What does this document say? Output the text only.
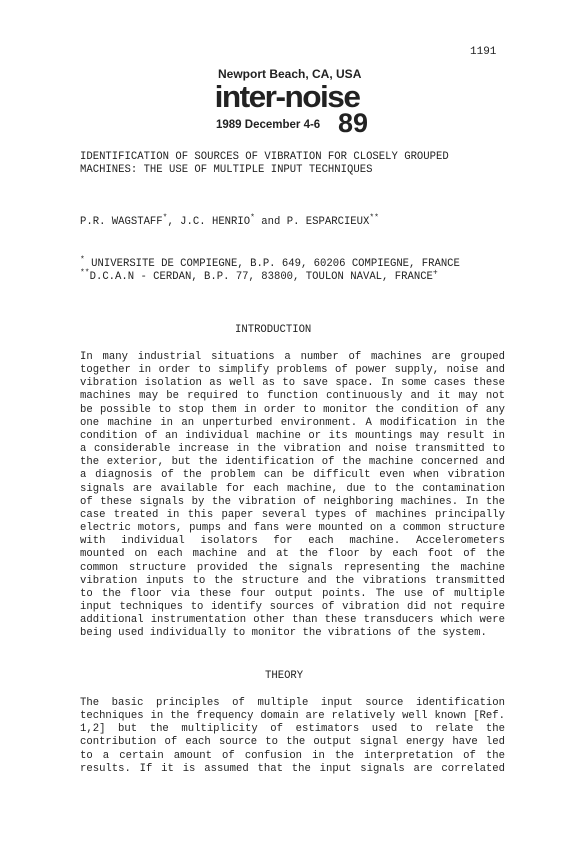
1191
Newport Beach, CA, USA
inter-noise
1989 December 4-6 89
IDENTIFICATION OF SOURCES OF VIBRATION FOR CLOSELY GROUPED
MACHINES: THE USE OF MULTIPLE INPUT TECHNIQUES
P.R. WAGSTAFF*, J.C. HENRIO* and P. ESPARCIEUX**
* UNIVERSITE DE COMPIEGNE, B.P. 649, 60206 COMPIEGNE, FRANCE
**D.C.A.N - CERDAN, B.P. 77, 83800, TOULON NAVAL, FRANCE+
INTRODUCTION
In many industrial situations a number of machines are grouped
together in order to simplify problems of power supply, noise and
vibration isolation as well as to save space. In some cases these
machines may be required to function continuously and it may not
be possible to stop them in order to monitor the condition of any
one machine in an unperturbed environment. A modification in the
condition of an individual machine or its mountings may result in
a considerable increase in the vibration and noise transmitted to
the exterior, but the identification of the machine concerned and
a diagnosis of the problem can be difficult even when vibration
signals are available for each machine, due to the contamination
of these signals by the vibration of neighboring machines. In the
case treated in this paper several types of machines principally
electric motors, pumps and fans were mounted on a common structure
with individual isolators for each machine. Accelerometers
mounted on each machine and at the floor by each foot of the
common structure provided the signals representing the machine
vibration inputs to the structure and the vibrations transmitted
to the floor via these four output points. The use of multiple
input techniques to identify sources of vibration did not require
additional instrumentation other than these transducers which were
being used individually to monitor the vibrations of the system.
THEORY
The basic principles of multiple input source identification
techniques in the frequency domain are relatively well known [Ref.
1,2] but the multiplicity of estimators used to relate the
contribution of each source to the output signal energy have led
to a certain amount of confusion in the interpretation of the
results. If it is assumed that the input signals are correlated
